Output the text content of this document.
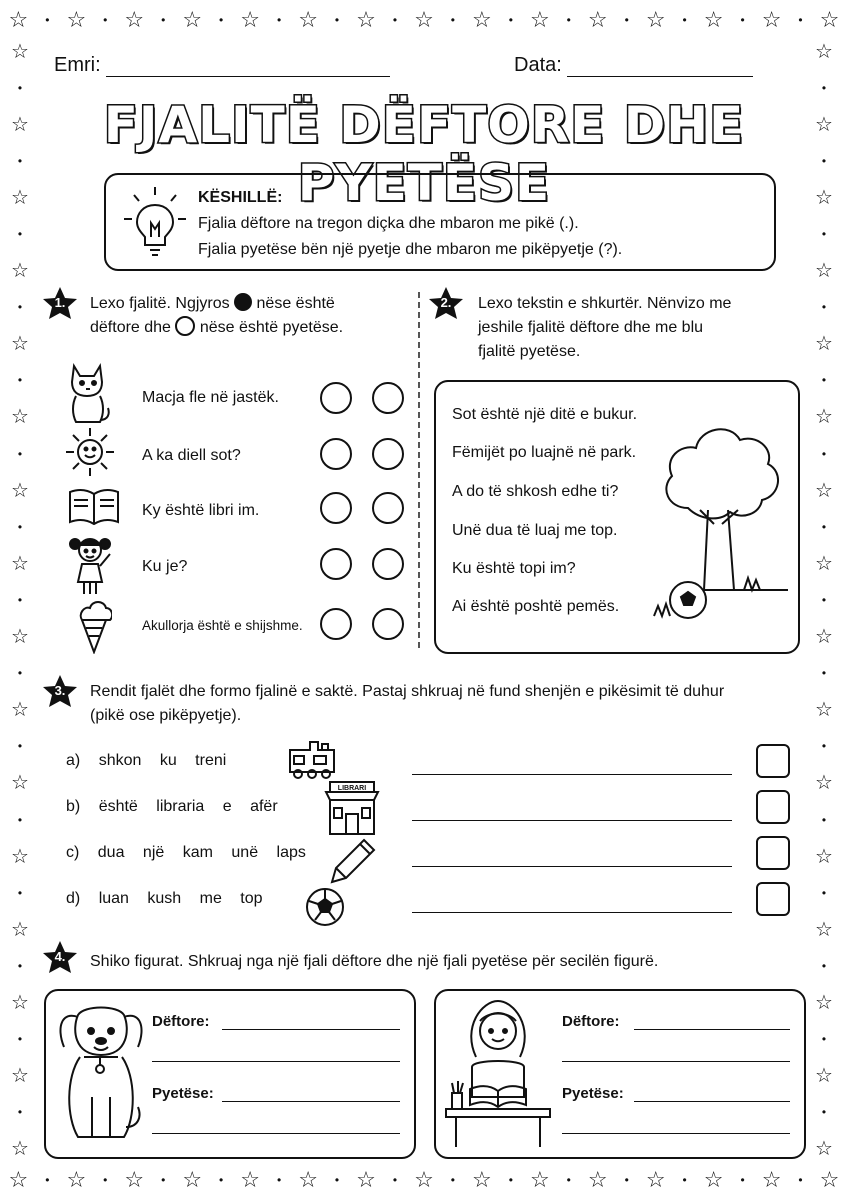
☆ • ☆ • ☆ • ☆ • ☆ • ☆ • ☆ • ☆ • ☆ • ☆ • ☆ • ☆ • ☆ • ☆ • ☆
☆ • ☆ • ☆ • ☆ • ☆ • ☆ • ☆ • ☆ • ☆ • ☆ • ☆ • ☆ • ☆ • ☆ • ☆
☆
•
☆
•
☆
•
☆
•
☆
•
☆
•
☆
•
☆
•
☆
•
☆
•
☆
•
☆
•
☆
•
☆
•
☆
•
☆
☆
•
☆
•
☆
•
☆
•
☆
•
☆
•
☆
•
☆
•
☆
•
☆
•
☆
•
☆
•
☆
•
☆
•
☆
•
☆
Emri:	Data:
FJALITË DËFTORE DHE PYETËSE
KËSHILLË:
Fjalia dëftore na tregon diçka dhe mbaron me pikë (.).
Fjalia pyetëse bën një pyetje dhe mbaron me pikëpyetje (?).
1.	Lexo fjalitë. Ngjyros nëse është
dëftore dhe nëse është pyetëse.
Macja fle në jastëk.
A ka diell sot?
Ky është libri im.
Ku je?
Akullorja është e shijshme.
2.	Lexo tekstin e shkurtër. Nënvizo me
jeshile fjalitë dëftore dhe me blu
fjalitë pyetëse.
Sot është një ditë e bukur.
Fëmijët po luajnë në park.
A do të shkosh edhe ti?
Unë dua të luaj me top.
Ku është topi im?
Ai është poshtë pemës.
3.	Rendit fjalët dhe formo fjalinë e saktë. Pastaj shkruaj në fund shenjën e pikësimit të duhur
(pikë ose pikëpyetje).
a) shkon ku treni
b) është libraria e afër
c) dua një kam unë laps
d) luan kush me top
LIBRARI
4.	Shiko figurat. Shkruaj nga një fjali dëftore dhe një fjali pyetëse për secilën figurë.
Dëftore:
Pyetëse:
Dëftore:
Pyetëse:
